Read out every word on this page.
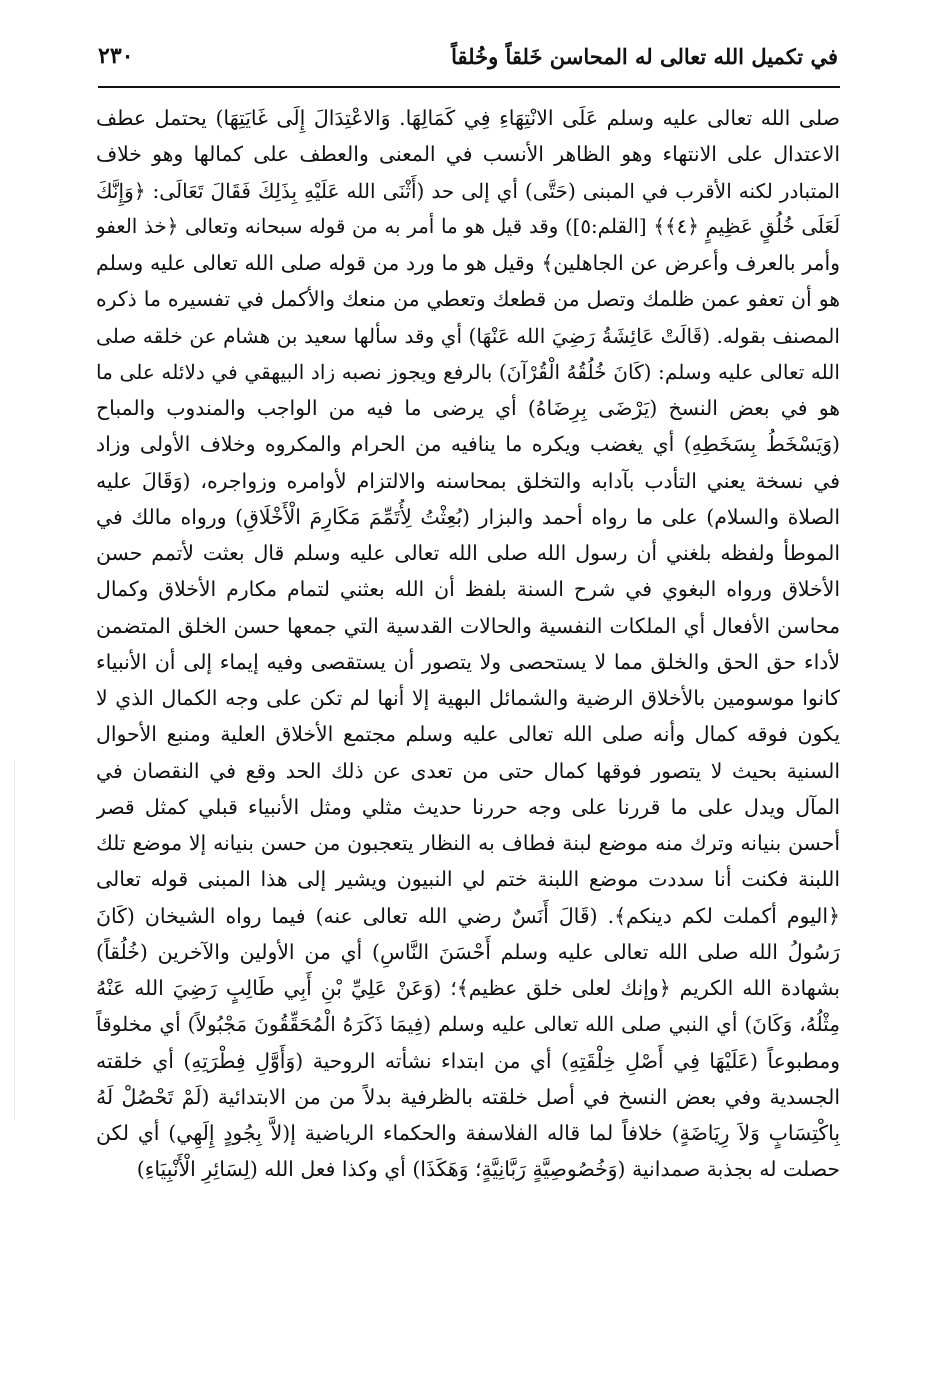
في تكميل الله تعالى له المحاسن خَلقاً وخُلقاً
٢٣٠
صلى الله تعالى عليه وسلم عَلَى الانْتِهَاءِ فِي كَمَالِهَا. وَالاعْتِدَالَ إِلَى غَايَتِهَا) يحتمل عطف
الاعتدال على الانتهاء وهو الظاهر الأنسب في المعنى والعطف على كمالها وهو خلاف
المتبادر لكنه الأقرب في المبنى (حَتَّى) أي إلى حد (أَثْنَى الله عَلَيْهِ بِذَلِكَ فَقَالَ تَعَالَى: ﴿وَإِنَّكَ
لَعَلَى خُلُقٍ عَظِيمٍ ﴿٤﴾﴾ [القلم:٥]) وقد قيل هو ما أمر به من قوله سبحانه وتعالى ﴿خذ العفو
وأمر بالعرف وأعرض عن الجاهلين﴾ وقيل هو ما ورد من قوله صلى الله تعالى عليه وسلم
هو أن تعفو عمن ظلمك وتصل من قطعك وتعطي من منعك والأكمل في تفسيره ما ذكره
المصنف بقوله. (قَالَتْ عَائِشَةُ رَضِيَ الله عَنْهَا) أي وقد سألها سعيد بن هشام عن خلقه صلى
الله تعالى عليه وسلم: (كَانَ خُلُقُهُ الْقُرْآنَ) بالرفع ويجوز نصبه زاد البيهقي في دلائله على ما
هو في بعض النسخ (يَرْضَى بِرِضَاهُ) أي يرضى ما فيه من الواجب والمندوب والمباح
(وَيَسْخَطُ بِسَخَطِهِ) أي يغضب ويكره ما ينافيه من الحرام والمكروه وخلاف الأولى وزاد
في نسخة يعني التأدب بآدابه والتخلق بمحاسنه والالتزام لأوامره وزواجره، (وَقَالَ عليه
الصلاة والسلام) على ما رواه أحمد والبزار (بُعِثْتُ لِأُتَمِّمَ مَكَارِمَ الْأَخْلَاقِ) ورواه مالك في
الموطأ ولفظه بلغني أن رسول الله صلى الله تعالى عليه وسلم قال بعثت لأتمم حسن
الأخلاق ورواه البغوي في شرح السنة بلفظ أن الله بعثني لتمام مكارم الأخلاق وكمال
محاسن الأفعال أي الملكات النفسية والحالات القدسية التي جمعها حسن الخلق المتضمن
لأداء حق الحق والخلق مما لا يستحصى ولا يتصور أن يستقصى وفيه إيماء إلى أن الأنبياء
كانوا موسومين بالأخلاق الرضية والشمائل البهية إلا أنها لم تكن على وجه الكمال الذي لا
يكون فوقه كمال وأنه صلى الله تعالى عليه وسلم مجتمع الأخلاق العلية ومنبع الأحوال
السنية بحيث لا يتصور فوقها كمال حتى من تعدى عن ذلك الحد وقع في النقصان في
المآل ويدل على ما قررنا على وجه حررنا حديث مثلي ومثل الأنبياء قبلي كمثل قصر
أحسن بنيانه وترك منه موضع لبنة فطاف به النظار يتعجبون من حسن بنيانه إلا موضع تلك
اللبنة فكنت أنا سددت موضع اللبنة ختم لي النبيون ويشير إلى هذا المبنى قوله تعالى
﴿اليوم أكملت لكم دينكم﴾. (قَالَ أَنَسٌ رضي الله تعالى عنه) فيما رواه الشيخان (كَانَ
رَسُولُ الله صلى الله تعالى عليه وسلم أَحْسَنَ النَّاسِ) أي من الأولين والآخرين (خُلُقاً)
بشهادة الله الكريم ﴿وإنك لعلى خلق عظيم﴾؛ (وَعَنْ عَلِيِّ بْنِ أَبِي طَالِبٍ رَضِيَ الله عَنْهُ
مِثْلُهُ، وَكَانَ) أي النبي صلى الله تعالى عليه وسلم (فِيمَا ذَكَرَهُ الْمُحَقِّقُونَ مَجْبُولاً) أي مخلوقاً
ومطبوعاً (عَلَيْهَا فِي أَصْلِ خِلْقَتِهِ) أي من ابتداء نشأته الروحية (وَأَوَّلِ فِطْرَتِهِ) أي خلقته
الجسدية وفي بعض النسخ في أصل خلقته بالظرفية بدلاً من من الابتدائية (لَمْ تَحْصُلْ لَهُ
بِاكْتِسَابٍ وَلاَ رِيَاضَةٍ) خلافاً لما قاله الفلاسفة والحكماء الرياضية إ(لاَّ بِجُودٍ إِلَهِي) أي لكن
حصلت له بجذبة صمدانية (وَخُصُوصِيَّةٍ رَبَّانِيَّةٍ؛ وَهَكَذَا) أي وكذا فعل الله (لِسَائِرِ الْأَنْبِيَاءِ)
